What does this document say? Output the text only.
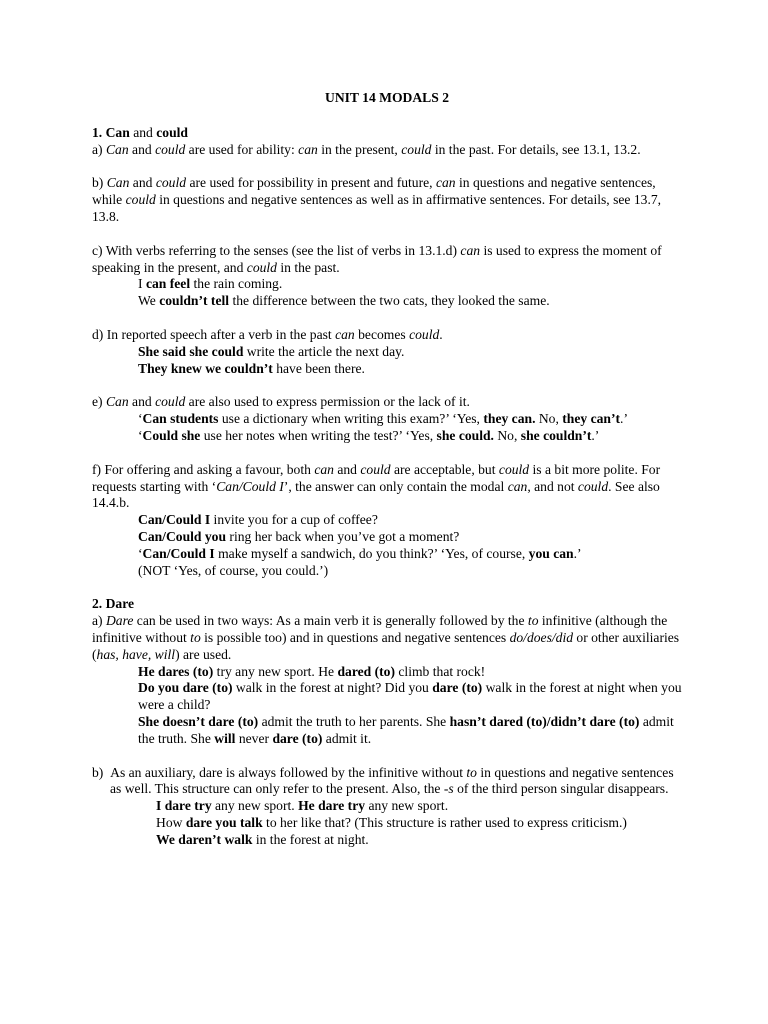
UNIT 14 MODALS 2
1. Can and could
a) Can and could are used for ability: can in the present, could in the past. For details, see 13.1, 13.2.
b) Can and could are used for possibility in present and future, can in questions and negative sentences, while could in questions and negative sentences as well as in affirmative sentences. For details, see 13.7, 13.8.
c) With verbs referring to the senses (see the list of verbs in 13.1.d) can is used to express the moment of speaking in the present, and could in the past.
I can feel the rain coming.
We couldn’t tell the difference between the two cats, they looked the same.
d) In reported speech after a verb in the past can becomes could.
She said she could write the article the next day.
They knew we couldn’t have been there.
e) Can and could are also used to express permission or the lack of it.
‘Can students use a dictionary when writing this exam?’ ‘Yes, they can. No, they can’t.’
‘Could she use her notes when writing the test?’ ‘Yes, she could. No, she couldn’t.’
f) For offering and asking a favour, both can and could are acceptable, but could is a bit more polite. For requests starting with ‘Can/Could I’, the answer can only contain the modal can, and not could. See also 14.4.b.
Can/Could I invite you for a cup of coffee?
Can/Could you ring her back when you’ve got a moment?
‘Can/Could I make myself a sandwich, do you think?’ ‘Yes, of course, you can.’
(NOT ‘Yes, of course, you could.’)
2. Dare
a) Dare can be used in two ways: As a main verb it is generally followed by the to infinitive (although the infinitive without to is possible too) and in questions and negative sentences do/does/did or other auxiliaries (has, have, will) are used.
He dares (to) try any new sport. He dared (to) climb that rock!
Do you dare (to) walk in the forest at night? Did you dare (to) walk in the forest at night when you were a child?
She doesn’t dare (to) admit the truth to her parents. She hasn’t dared (to)/didn’t dare (to) admit the truth. She will never dare (to) admit it.
b)  As an auxiliary, dare is always followed by the infinitive without to in questions and negative sentences as well. This structure can only refer to the present. Also, the -s of the third person singular disappears.
I dare try any new sport. He dare try any new sport.
How dare you talk to her like that? (This structure is rather used to express criticism.)
We daren’t walk in the forest at night.
